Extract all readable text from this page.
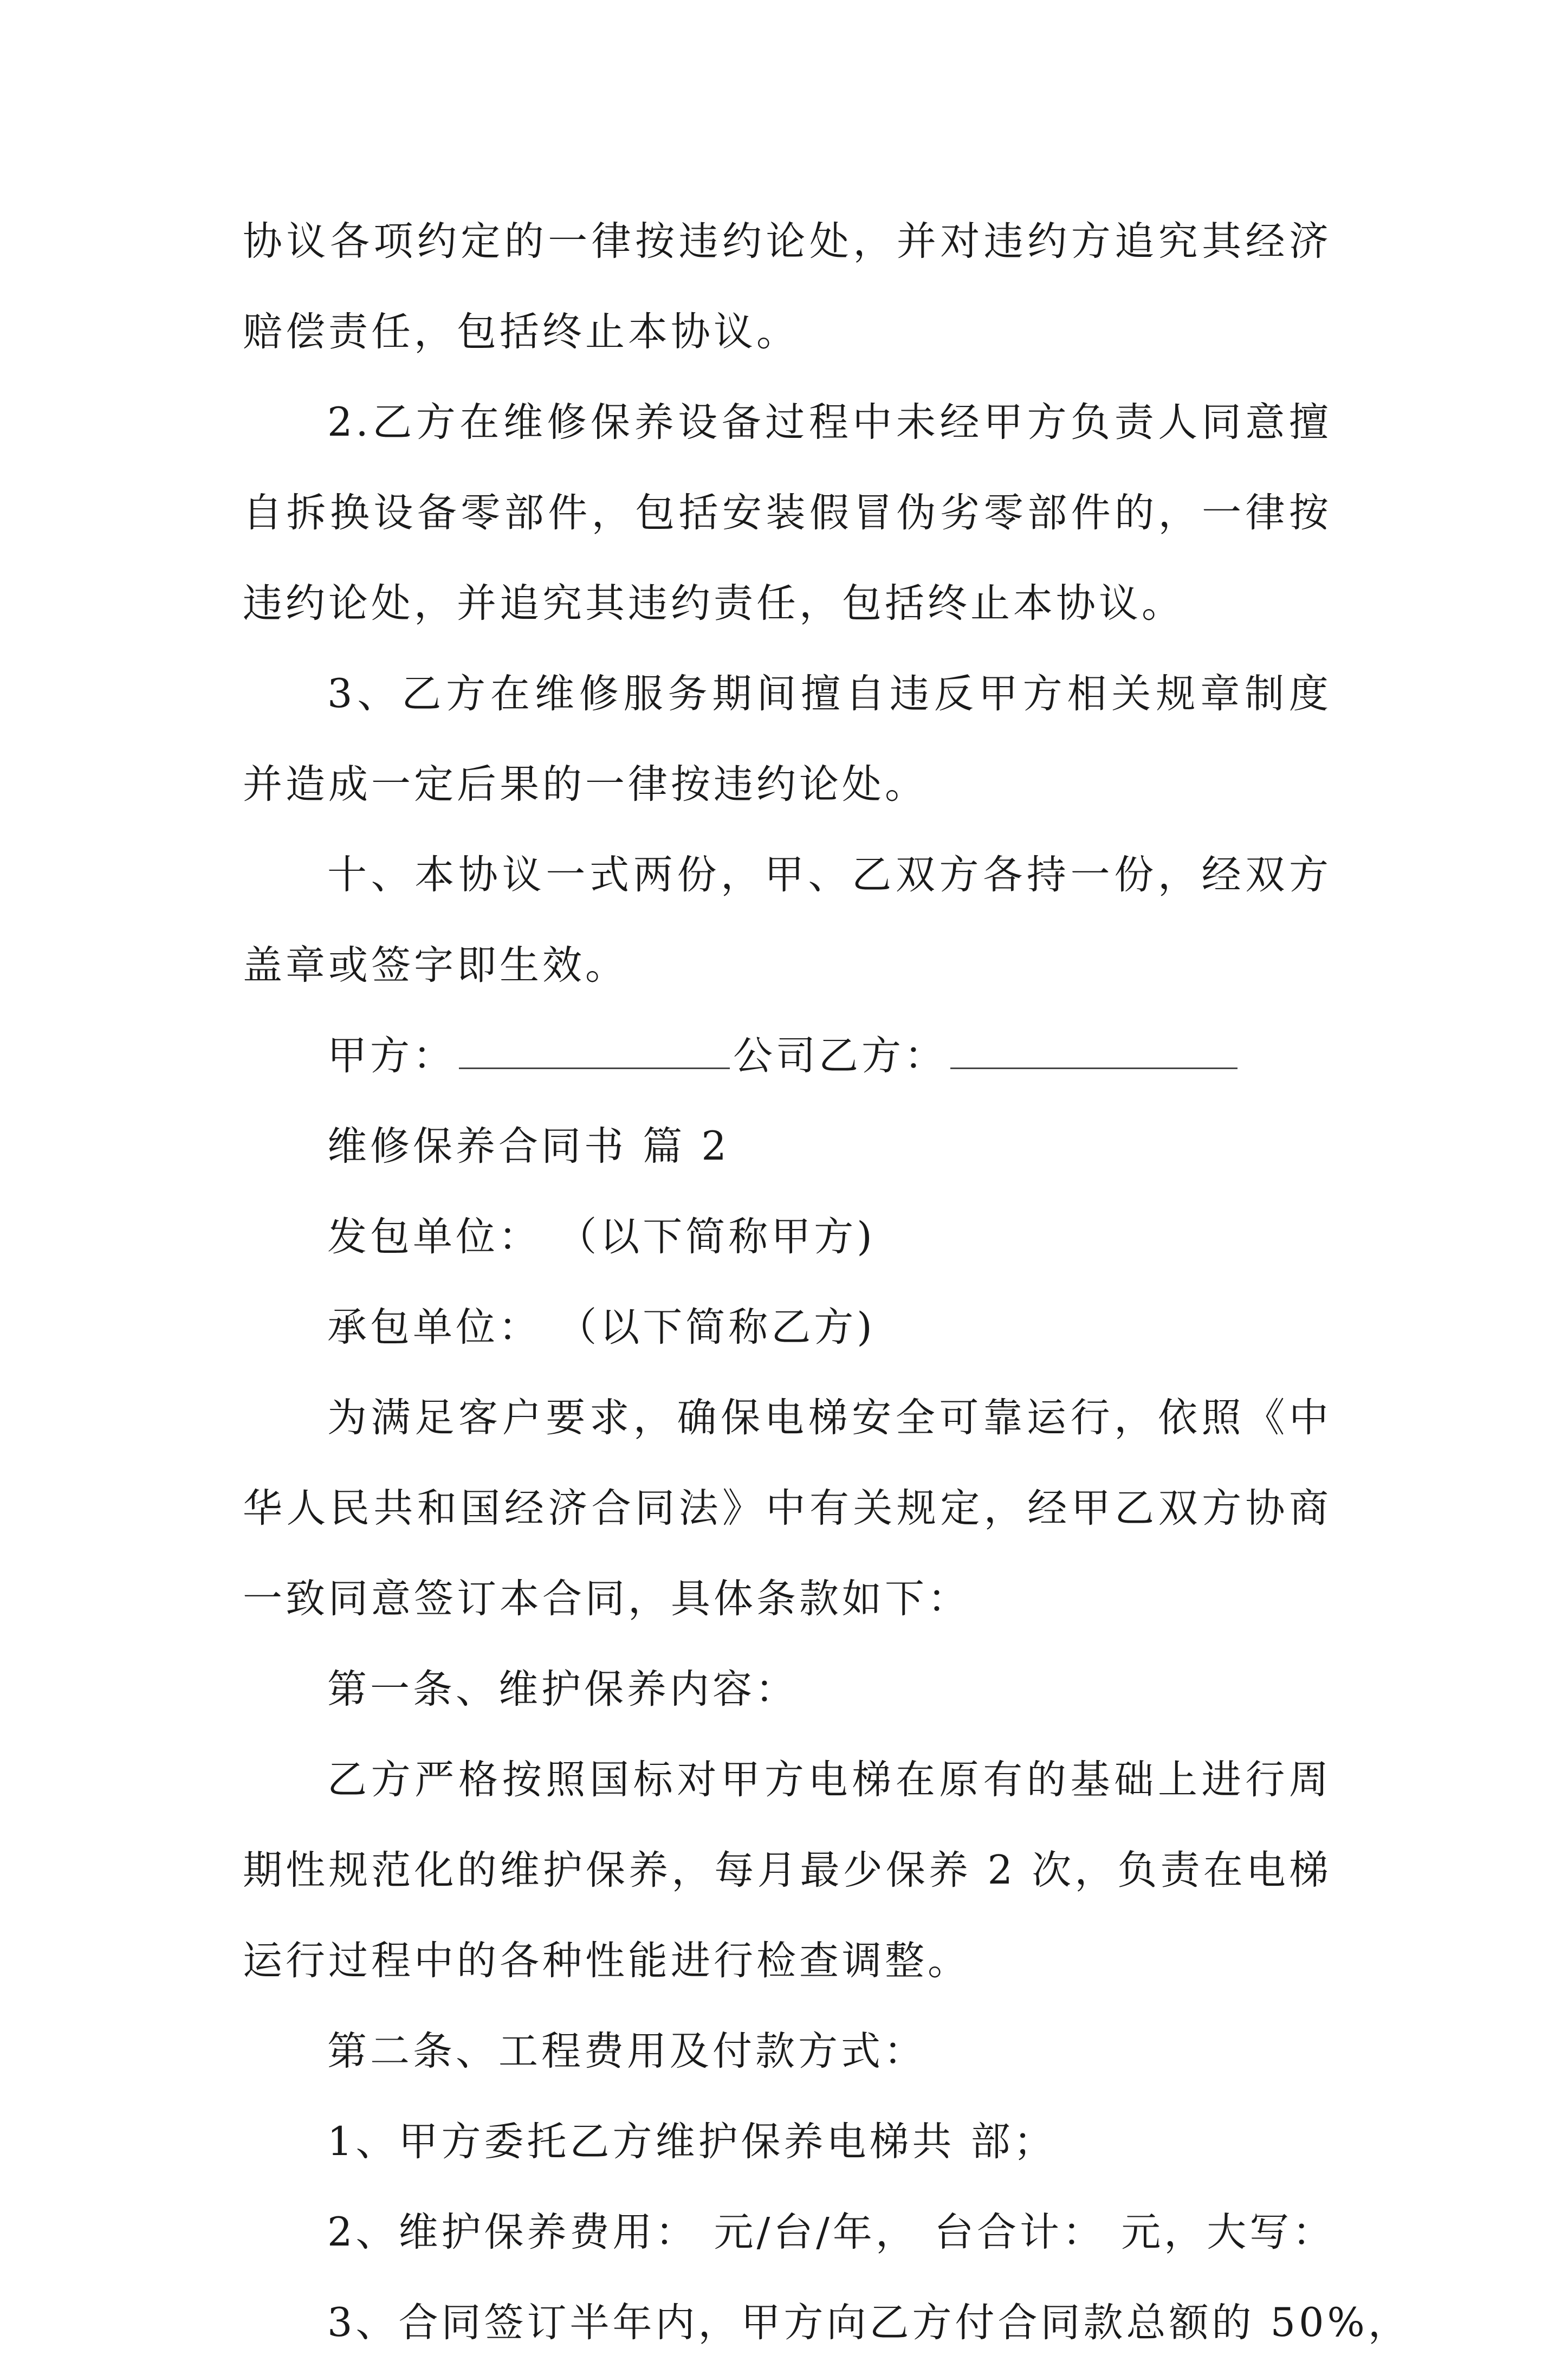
协议各项约定的一律按违约论处，并对违约方追究其经济赔偿责任，包括终止本协议。

2.乙方在维修保养设备过程中未经甲方负责人同意擅自拆换设备零部件，包括安装假冒伪劣零部件的，一律按违约论处，并追究其违约责任，包括终止本协议。

3、乙方在维修服务期间擅自违反甲方相关规章制度并造成一定后果的一律按违约论处。

十、本协议一式两份，甲、乙双方各持一份，经双方盖章或签字即生效。

甲方：	公司乙方：

维修保养合同书 篇 2

发包单位： （以下简称甲方)

承包单位： （以下简称乙方)

为满足客户要求，确保电梯安全可靠运行，依照《中华人民共和国经济合同法》中有关规定，经甲乙双方协商一致同意签订本合同，具体条款如下：

第一条、维护保养内容：

乙方严格按照国标对甲方电梯在原有的基础上进行周期性规范化的维护保养，每月最少保养 2 次，负责在电梯运行过程中的各种性能进行检查调整。

第二条、工程费用及付款方式：

1、甲方委托乙方维护保养电梯共 部；

2、维护保养费用： 元/台/年， 台合计： 元，大写：

3、合同签订半年内，甲方向乙方付合同款总额的 50%，
